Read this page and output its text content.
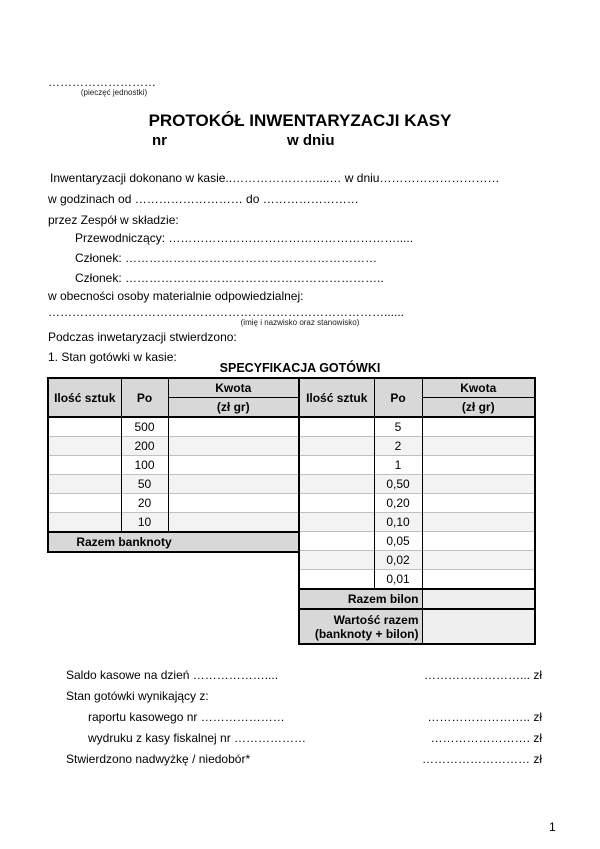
………………………
(pieczęć jednostki)
PROTOKÓŁ INWENTARYZACJI KASY
nr	w dniu
Inwentaryzacji dokonano w kasie..…………………....… w dniu…………………………
w godzinach od ……………………… do ……………………
przez Zespół w składzie:
Przewodniczący: ………………………………………………….....
Członek: ………………………………………………………
Członek: ………………………………………………………..
w obecności osoby materialnie odpowiedzialnej:
…………………………………………………………………………......
(imię i nazwisko oraz stanowisko)
Podczas inwetaryzacji stwierdzono:
1. Stan gotówki w kasie:
SPECYFIKACJA GOTÓWKI
Ilość sztuk	Po	Kwota
		(zł gr)
	500	
	200	
	100	
	50	
	20	
	10	

Razem banknoty		
Ilość sztuk	Po	Kwota
		(zł gr)
	5	
	2	
	1	
	0,50	
	0,20	
	0,10	
	0,05	
	0,02	
	0,01	
Razem bilon		

Wartość razem
(banknoty + bilon)		

Saldo kasowe na dzień ………………....	……………………... zł
Stan gotówki wynikający z:
raportu kasowego nr …………………	…………………….. zł
wydruku z kasy fiskalnej nr ………………	……………………. zł
Stwierdzono nadwyżkę / niedobór*	……………………… zł
1
